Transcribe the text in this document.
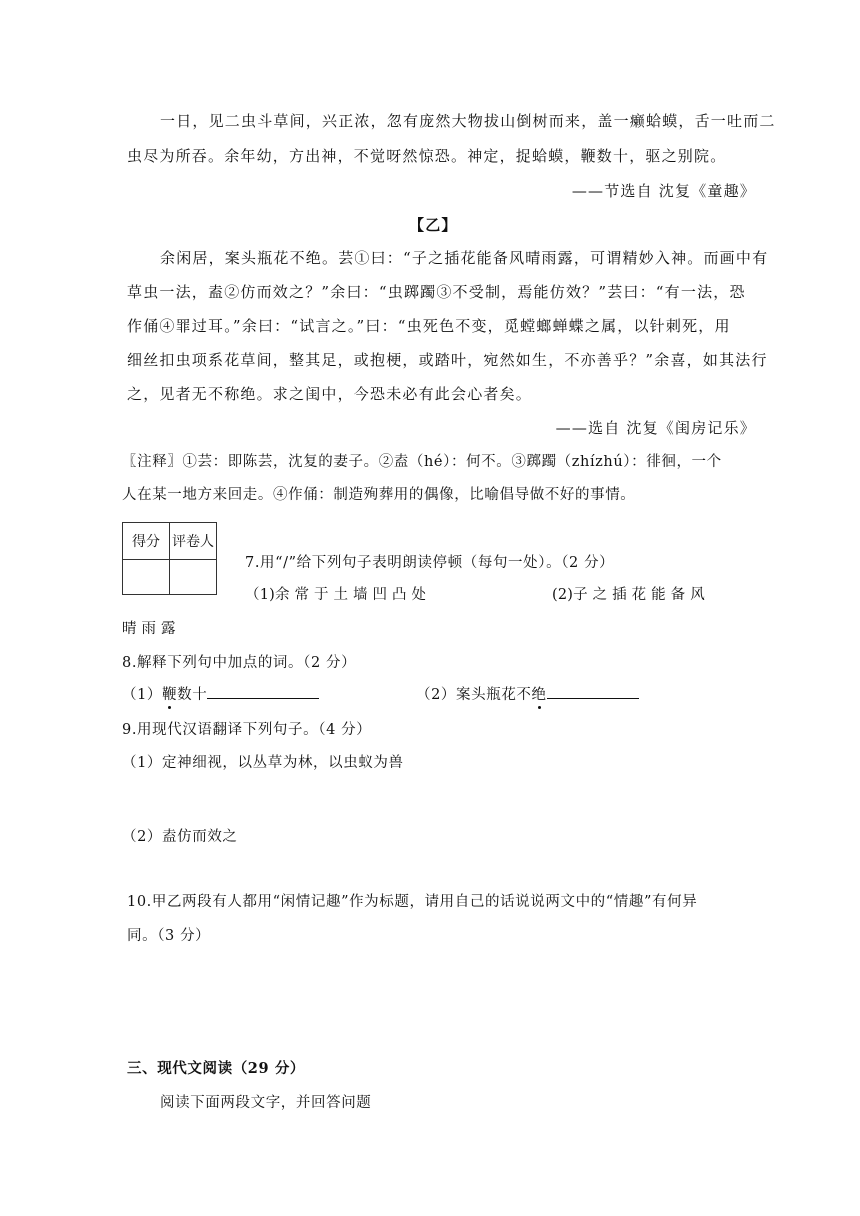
一日，见二虫斗草间，兴正浓，忽有庞然大物拔山倒树而来，盖一癞蛤蟆，舌一吐而二
虫尽为所吞。余年幼，方出神，不觉呀然惊恐。神定，捉蛤蟆，鞭数十，驱之别院。
——节选自 沈复《童趣》
【乙】
余闲居，案头瓶花不绝。芸①曰：“子之插花能备风晴雨露，可谓精妙入神。而画中有
草虫一法，盍②仿而效之？”余曰：“虫踯躅③不受制，焉能仿效？”芸曰：“有一法，恐
作俑④罪过耳。”余曰：“试言之。”曰：“虫死色不变，觅螳螂蝉蝶之属，以针刺死，用
细丝扣虫项系花草间，整其足，或抱梗，或踏叶，宛然如生，不亦善乎？”余喜，如其法行
之，见者无不称绝。求之闺中，今恐未必有此会心者矣。
——选自 沈复《闺房记乐》
〖注释〗①芸：即陈芸，沈复的妻子。②盍（hé）：何不。③踯躅（zhízhú）：徘徊，一个
人在某一地方来回走。④作俑：制造殉葬用的偶像，比喻倡导做不好的事情。
得分	评卷人

7.用“/”给下列句子表明朗读停顿（每句一处）。（2 分）
（1)余 常 于 土 墙 凹 凸 处	(2)子 之 插 花 能 备 风
晴 雨 露
8.解释下列句中加点的词。（2 分）
（1）鞭数十	（2）案头瓶花不绝
9.用现代汉语翻译下列句子。（4 分）
（1）定神细视，以丛草为林，以虫蚁为兽
（2）盍仿而效之
10.甲乙两段有人都用“闲情记趣”作为标题，请用自己的话说说两文中的“情趣”有何异
同。（3 分）
三、现代文阅读（29 分）
阅读下面两段文字，并回答问题
